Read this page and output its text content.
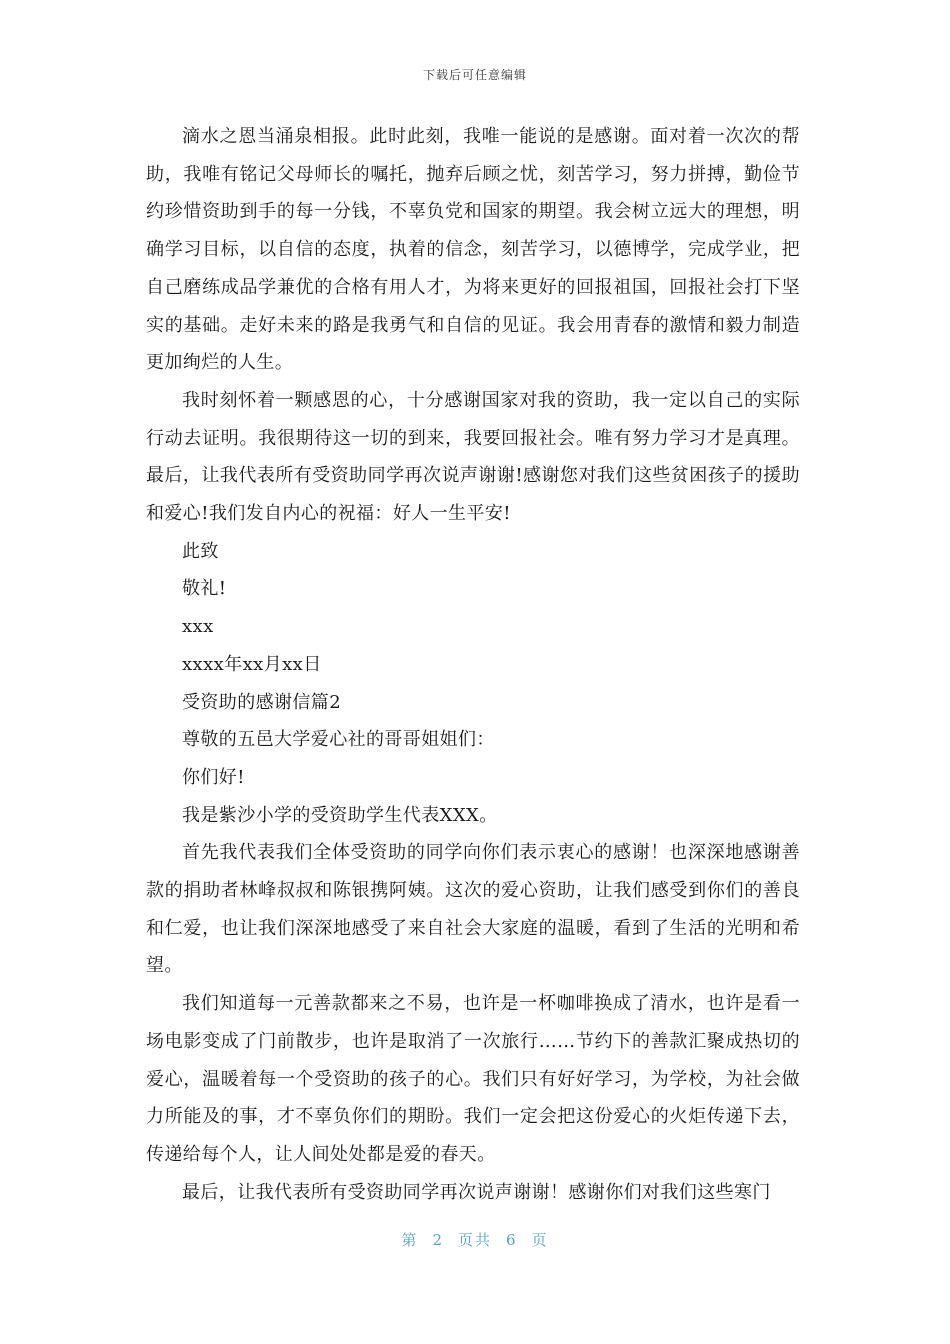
下载后可任意编辑

滴水之恩当涌泉相报。此时此刻，我唯一能说的是感谢。面对着一次次的帮助，我唯有铭记父母师长的嘱托，抛弃后顾之忧，刻苦学习，努力拼搏，勤俭节约珍惜资助到手的每一分钱，不辜负党和国家的期望。我会树立远大的理想，明确学习目标，以自信的态度，执着的信念，刻苦学习，以德博学，完成学业，把自己磨练成品学兼优的合格有用人才，为将来更好的回报祖国，回报社会打下坚实的基础。走好未来的路是我勇气和自信的见证。我会用青春的激情和毅力制造更加绚烂的人生。

我时刻怀着一颗感恩的心，十分感谢国家对我的资助，我一定以自己的实际行动去证明。我很期待这一切的到来，我要回报社会。唯有努力学习才是真理。最后，让我代表所有受资助同学再次说声谢谢!感谢您对我们这些贫困孩子的援助和爱心!我们发自内心的祝福：好人一生平安!

此致

敬礼!

xxx

xxxx年xx月xx日

受资助的感谢信篇2

尊敬的五邑大学爱心社的哥哥姐姐们：

你们好!

我是紫沙小学的受资助学生代表XXX。

首先我代表我们全体受资助的同学向你们表示衷心的感谢！也深深地感谢善款的捐助者林峰叔叔和陈银携阿姨。这次的爱心资助，让我们感受到你们的善良和仁爱，也让我们深深地感受了来自社会大家庭的温暖，看到了生活的光明和希望。

我们知道每一元善款都来之不易，也许是一杯咖啡换成了清水，也许是看一场电影变成了门前散步，也许是取消了一次旅行……节约下的善款汇聚成热切的爱心，温暖着每一个受资助的孩子的心。我们只有好好学习，为学校，为社会做力所能及的事，才不辜负你们的期盼。我们一定会把这份爱心的火炬传递下去，传递给每个人，让人间处处都是爱的春天。

最后，让我代表所有受资助同学再次说声谢谢！感谢你们对我们这些寒门

第 2 页共 6 页
